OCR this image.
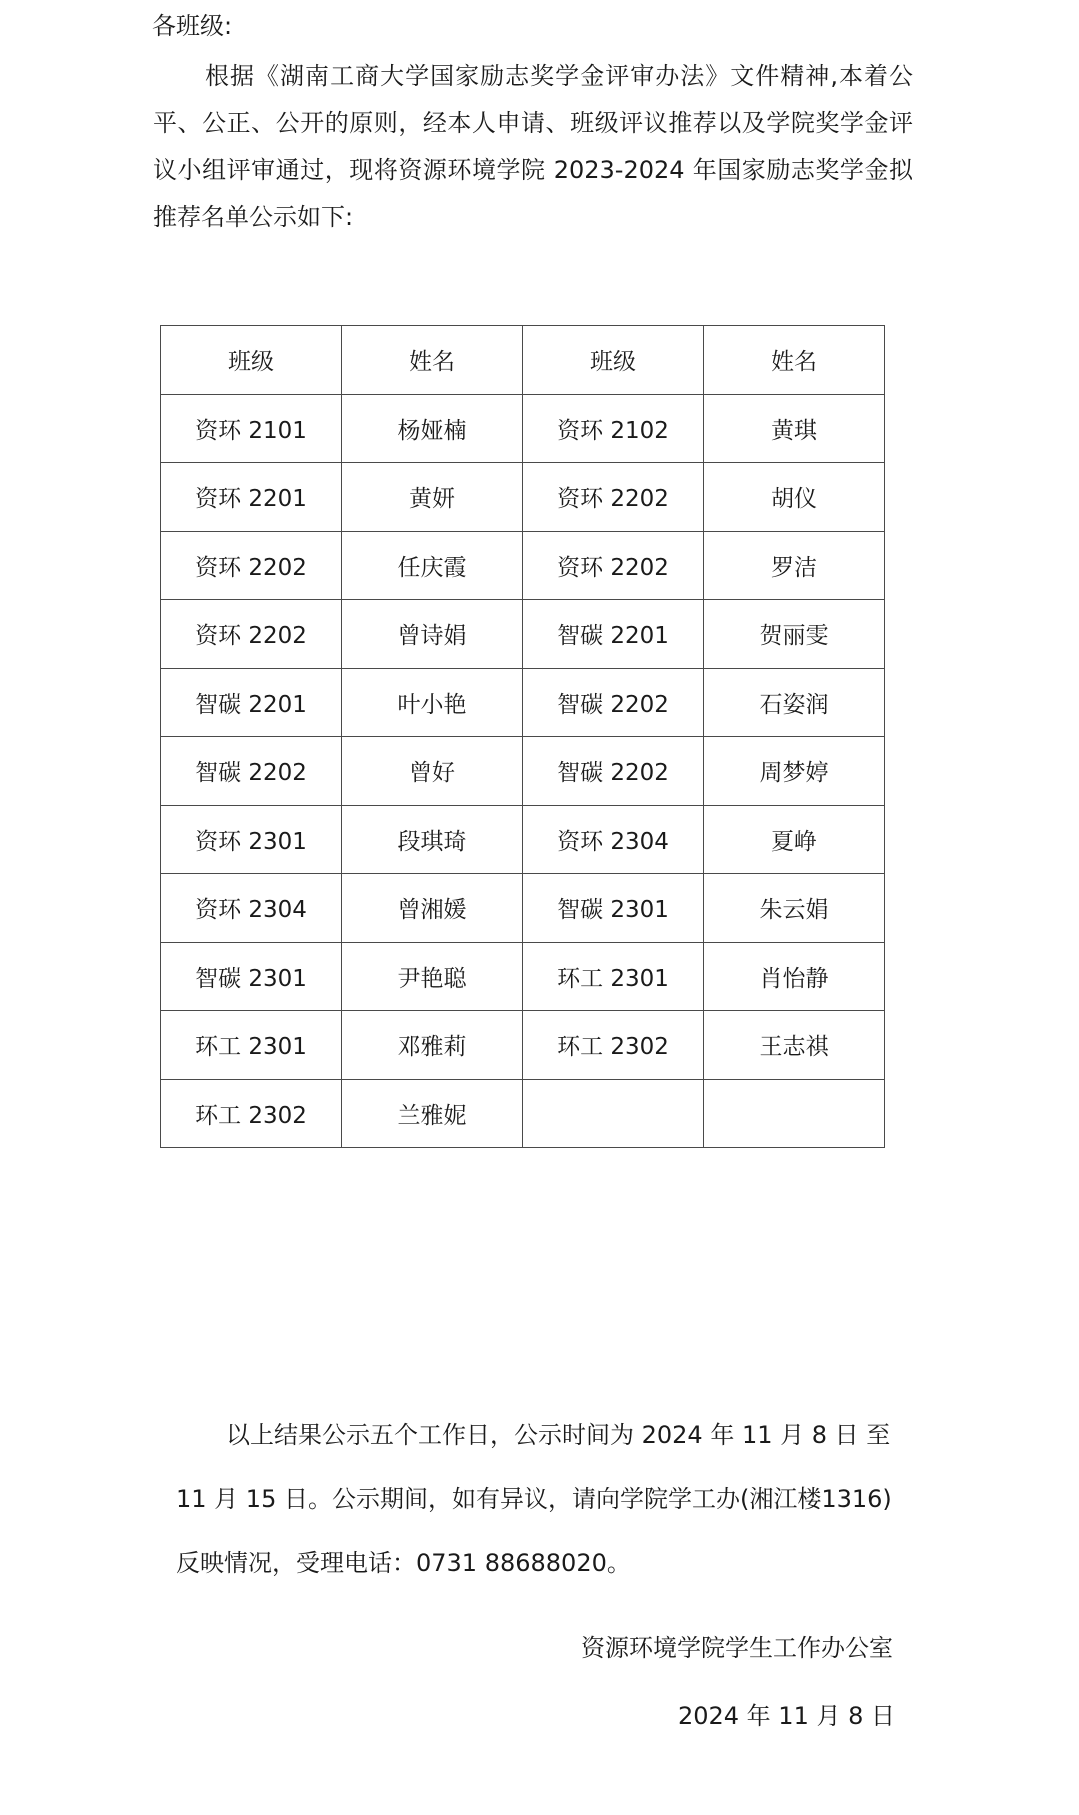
各班级:
根据《湖南工商大学国家励志奖学金评审办法》文件精神,本着公平、公正、公开的原则，经本人申请、班级评议推荐以及学院奖学金评议小组评审通过，现将资源环境学院 2023-2024 年国家励志奖学金拟推荐名单公示如下:
班级	姓名	班级	姓名
资环 2101	杨娅楠	资环 2102	黄琪
资环 2201	黄妍	资环 2202	胡仪
资环 2202	任庆霞	资环 2202	罗洁
资环 2202	曾诗娟	智碳 2201	贺丽雯
智碳 2201	叶小艳	智碳 2202	石姿润
智碳 2202	曾好	智碳 2202	周梦婷
资环 2301	段琪琦	资环 2304	夏峥
资环 2304	曾湘媛	智碳 2301	朱云娟
智碳 2301	尹艳聪	环工 2301	肖怡静
环工 2301	邓雅莉	环工 2302	王志祺
环工 2302	兰雅妮		
以上结果公示五个工作日，公示时间为 2024 年 11 月 8 日 至
11 月 15 日。公示期间，如有异议，请向学院学工办(湘江楼1316)
反映情况，受理电话：0731 88688020。
资源环境学院学生工作办公室
2024 年 11 月 8 日
